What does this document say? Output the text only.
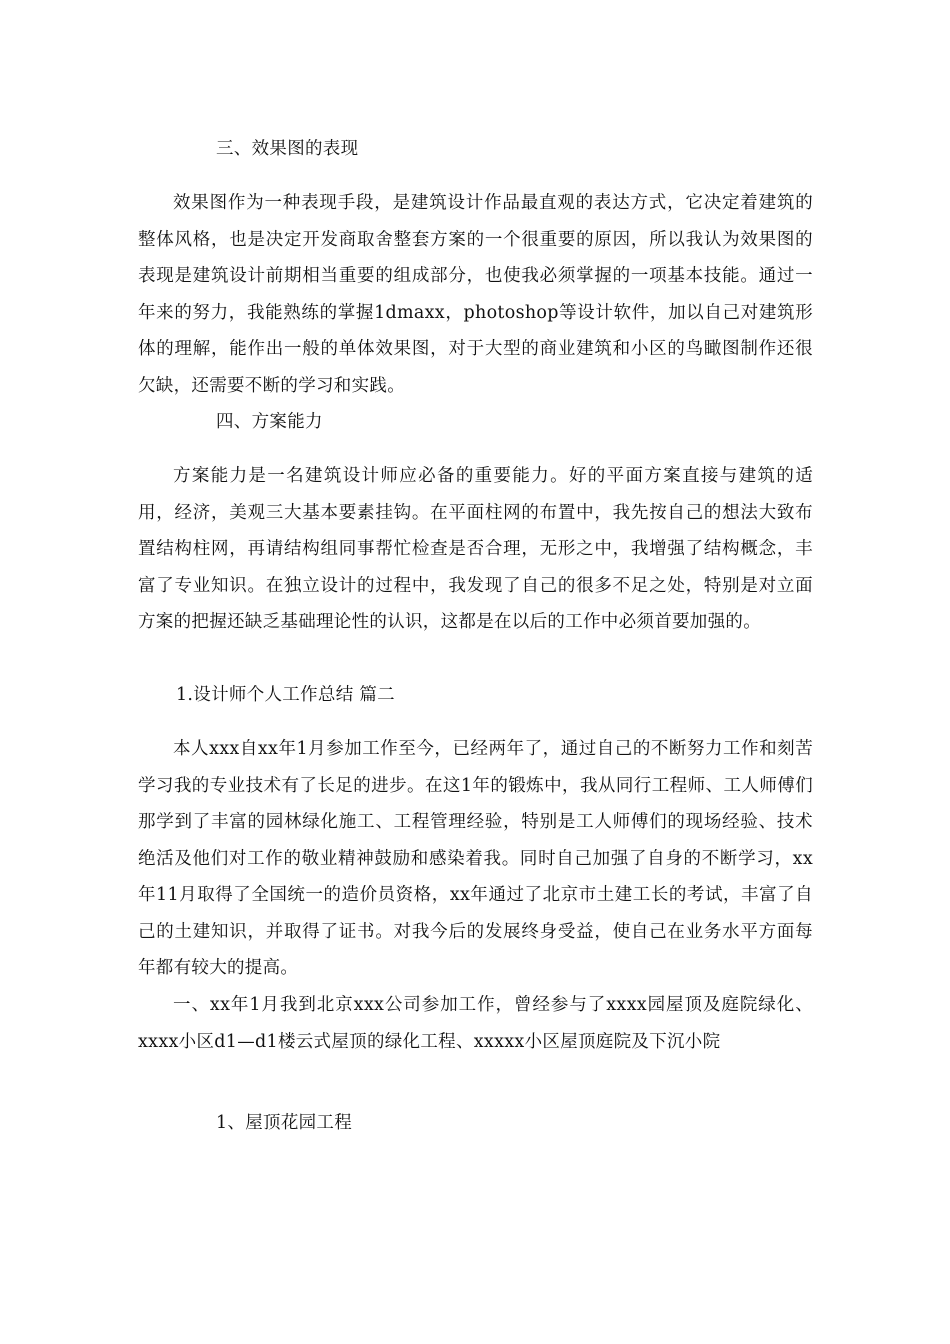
三、效果图的表现

效果图作为一种表现手段，是建筑设计作品最直观的表达方式，它决定着建筑的整体风格，也是决定开发商取舍整套方案的一个很重要的原因，所以我认为效果图的表现是建筑设计前期相当重要的组成部分，也使我必须掌握的一项基本技能。通过一年来的努力，我能熟练的掌握1dmaxx，photoshop等设计软件，加以自己对建筑形体的理解，能作出一般的单体效果图，对于大型的商业建筑和小区的鸟瞰图制作还很欠缺，还需要不断的学习和实践。

四、方案能力

方案能力是一名建筑设计师应必备的重要能力。好的平面方案直接与建筑的适用，经济，美观三大基本要素挂钩。在平面柱网的布置中，我先按自己的想法大致布置结构柱网，再请结构组同事帮忙检查是否合理，无形之中，我增强了结构概念，丰富了专业知识。在独立设计的过程中，我发现了自己的很多不足之处，特别是对立面方案的把握还缺乏基础理论性的认识，这都是在以后的工作中必须首要加强的。

1.设计师个人工作总结 篇二

本人xxx自xx年1月参加工作至今，已经两年了，通过自己的不断努力工作和刻苦学习我的专业技术有了长足的进步。在这1年的锻炼中，我从同行工程师、工人师傅们那学到了丰富的园林绿化施工、工程管理经验，特别是工人师傅们的现场经验、技术绝活及他们对工作的敬业精神鼓励和感染着我。同时自己加强了自身的不断学习，xx年11月取得了全国统一的造价员资格，xx年通过了北京市土建工长的考试，丰富了自己的土建知识，并取得了证书。对我今后的发展终身受益，使自己在业务水平方面每年都有较大的提高。

一、xx年1月我到北京xxx公司参加工作，曾经参与了xxxx园屋顶及庭院绿化、xxxx小区d1—d1楼云式屋顶的绿化工程、xxxxx小区屋顶庭院及下沉小院

1、屋顶花园工程
